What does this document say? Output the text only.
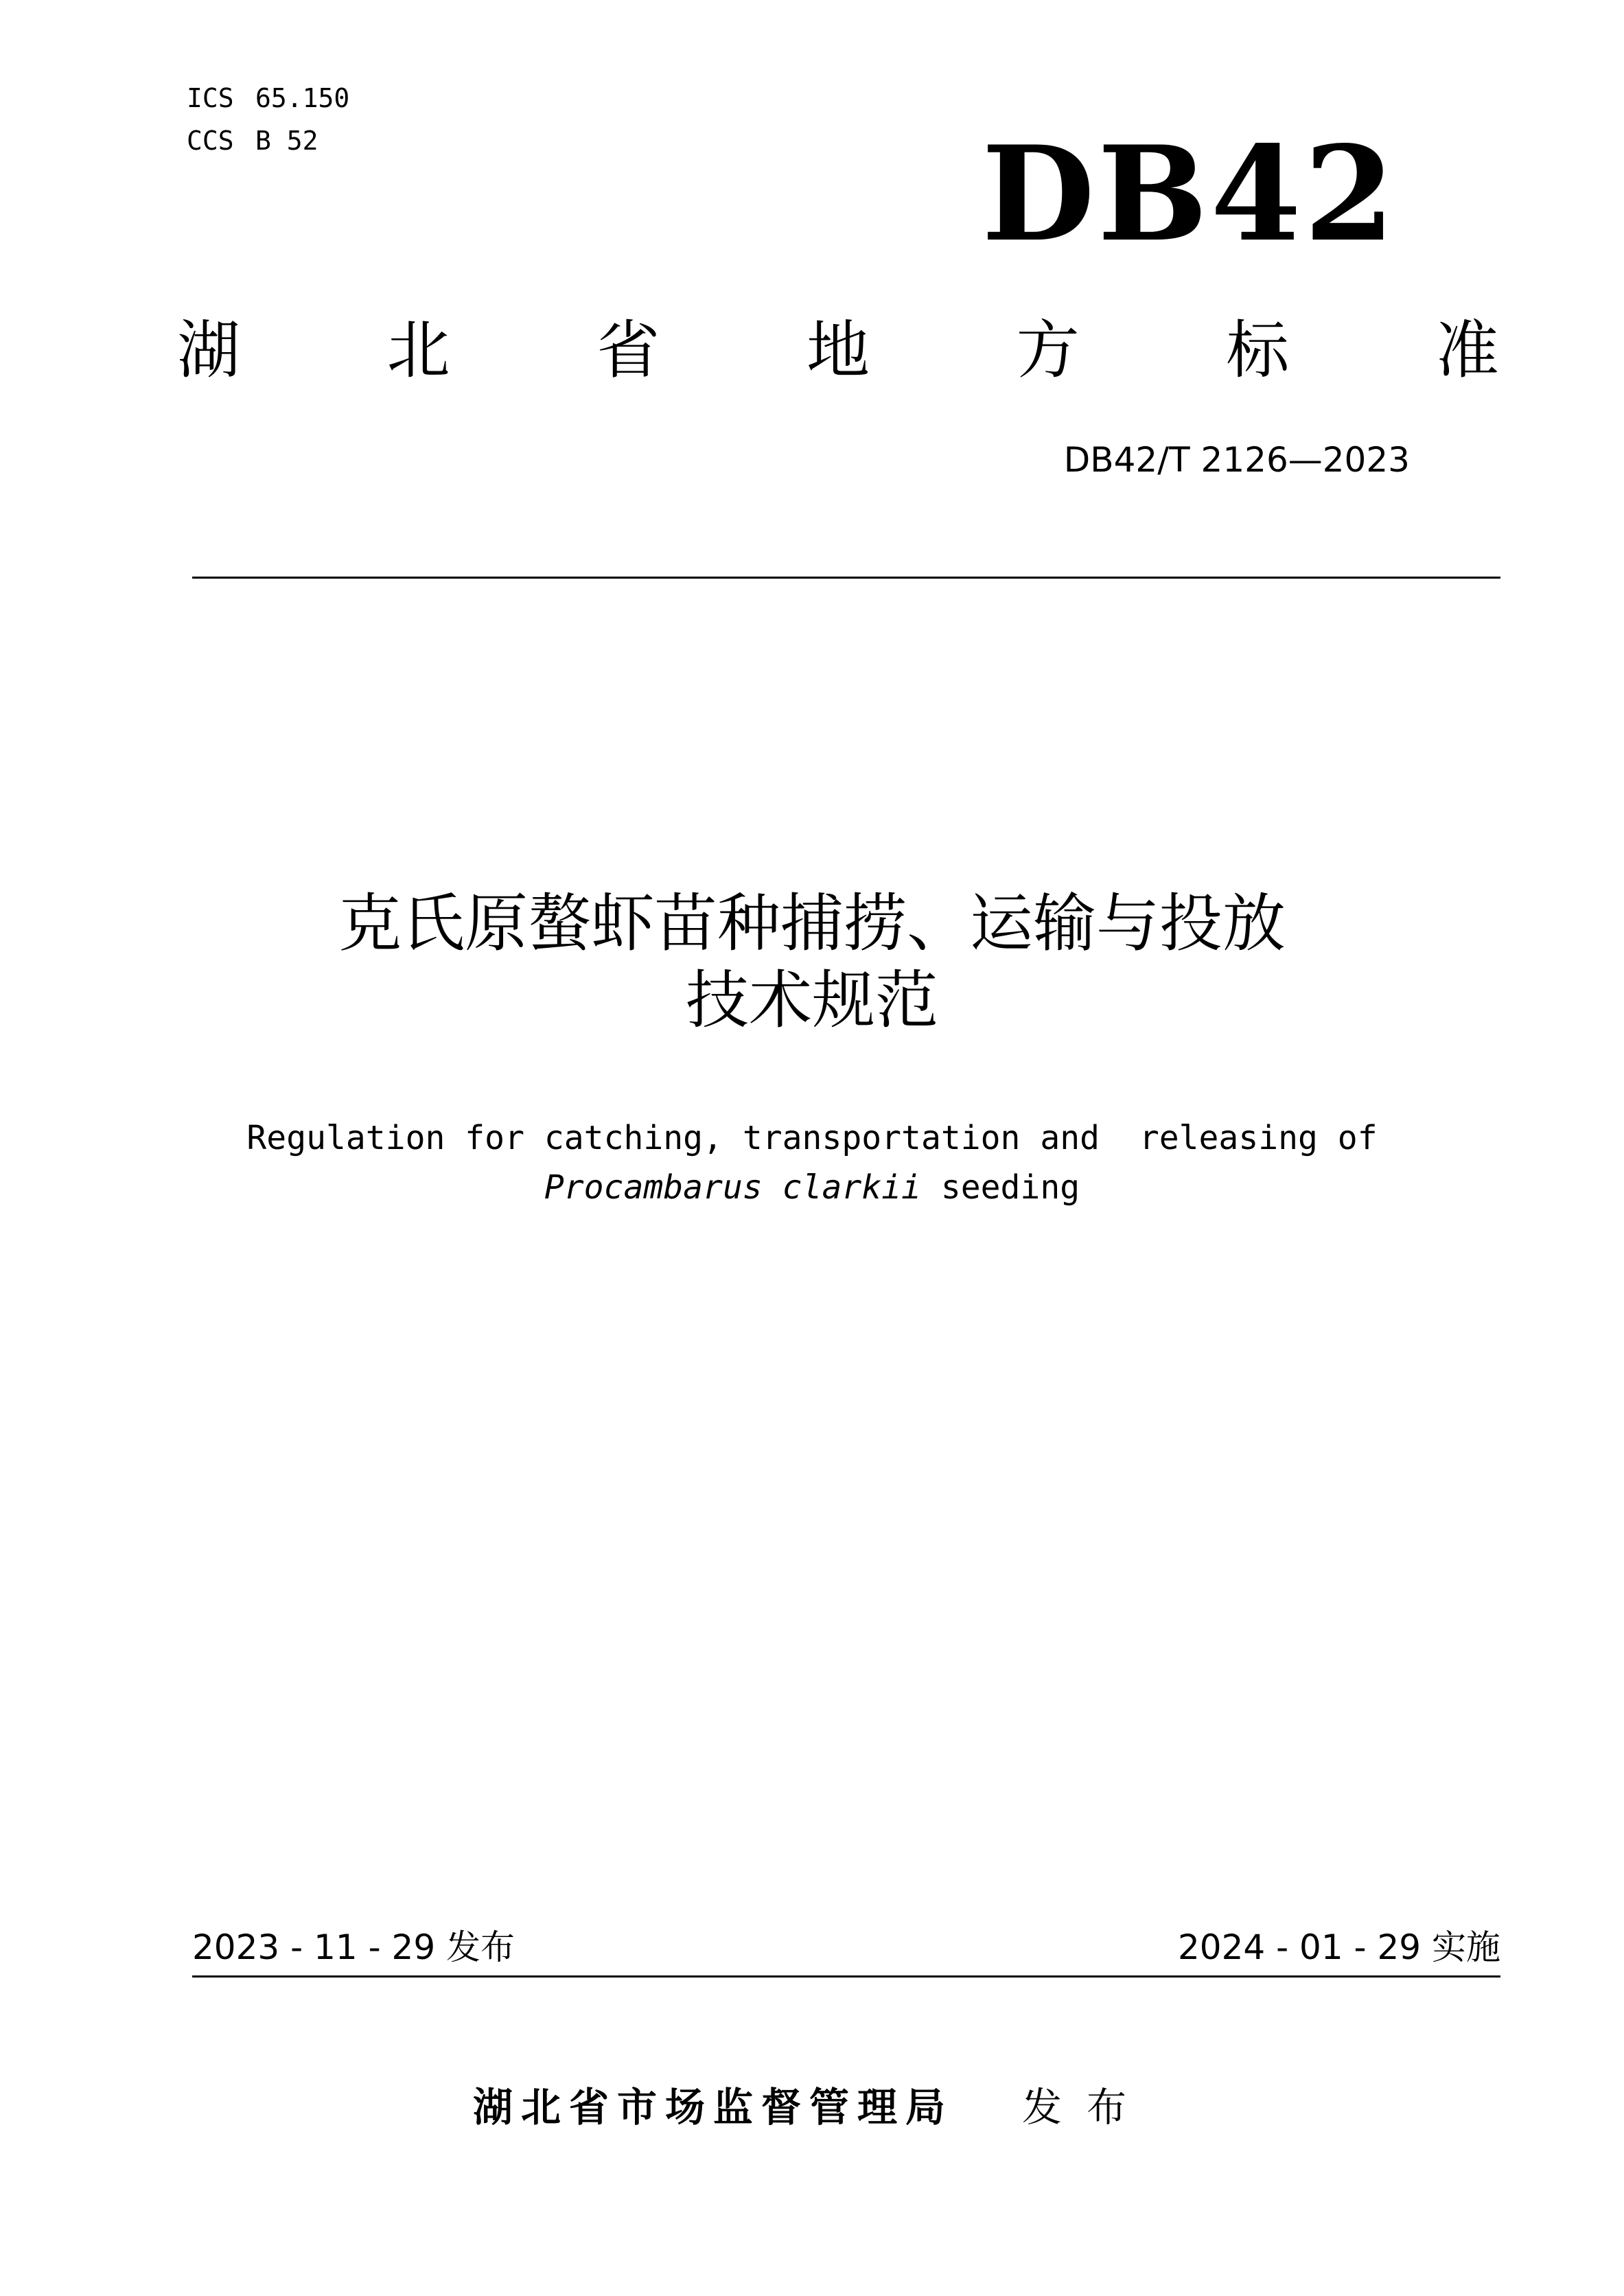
ICS 65.150
CCS B 52	DB42
湖 北 省 地 方 标 准
DB42/T 2126—2023
克氏原螯虾苗种捕捞、运输与投放
技术规范
Regulation for catching, transportation and  releasing of
Procambarus clarkii seeding
2023 - 11 - 29 发布	2024 - 01 - 29 实施
湖北省市场监督管理局 发布
